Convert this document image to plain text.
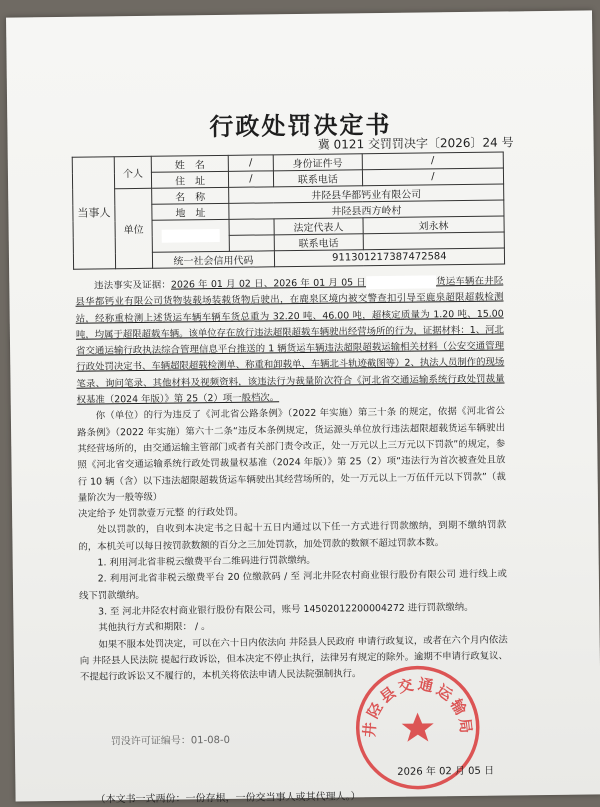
行政处罚决定书
冀 0121 交罚罚决字〔2026〕24 号
当事人	个人	姓　名	/	身份证件号	/
		住　址	/	联系电话	/
	单位	名　称	井陉县华都钙业有限公司		
		地　址	井陉县西方岭村		
				法定代表人	刘永林
				联系电话	
		统一社会信用代码		911301217387472584	

违法事实及证据：2026 年 01 月 02 日、2026 年 01 月 05 日	货运车辆在井陉县华都钙业有限公司货物装载场装载货物后驶出，在鹿泉区境内被交警查扣引导至鹿泉超限超载检测站，经称重检测上述货运车辆车辆车货总重为 32.20 吨、46.00 吨，超核定质量为 1.20 吨、15.00 吨，均属于超限超载车辆。该单位存在放行违法超限超载车辆驶出经营场所的行为，证据材料：1、河北省交通运输行政执法综合管理信息平台推送的 1 辆货运车辆违法超限超载运输相关材料（公安交通管理行政处罚决定书、车辆超限超载检测单、称重和卸载单、车辆北斗轨迹截图等）2、执法人员制作的现场笔录、询问笔录、其他材料及视频资料，该违法行为裁量阶次符合《河北省交通运输系统行政处罚裁量权基准（2024 年版）》第 25（2）项一般档次。

你（单位）的行为违反了《河北省公路条例》（2022 年实施）第三十条 的规定，依据《河北省公路条例》（2022 年实施）第六十二条“违反本条例规定，货运源头单位放行违法超限超载货运车辆驶出其经营场所的，由交通运输主管部门或者有关部门责令改正，处一万元以上三万元以下罚款”的规定，参照《河北省交通运输系统行政处罚裁量权基准（2024 年版）》第 25（2）项“违法行为首次被查处且放行 10 辆（含）以下违法超限超载货运车辆驶出其经营场所的，处一万元以上一万伍仟元以下罚款”（裁量阶次为一般等级）

决定给予 处罚款壹万元整 的行政处罚。

处以罚款的，自收到本决定书之日起十五日内通过以下任一方式进行罚款缴纳，到期不缴纳罚款的，本机关可以每日按罚款数额的百分之三加处罚款，加处罚款的数额不超过罚款本数。

1. 利用河北省非税云缴费平台二维码进行罚款缴纳。

2. 利用河北省非税云缴费平台 20 位缴款码 / 至 河北井陉农村商业银行股份有限公司 进行线上或线下罚款缴纳。

3. 至 河北井陉农村商业银行股份有限公司，账号 14502012200004272 进行罚款缴纳。

其他执行方式和期限： / 。

如果不服本处罚决定，可以在六十日内依法向 井陉县人民政府 申请行政复议，或者在六个月内依法向 井陉县人民法院 提起行政诉讼，但本决定不停止执行，法律另有规定的除外。逾期不申请行政复议、不提起行政诉讼又不履行的，本机关将依法申请人民法院强制执行。

罚没许可证编号：01-08-0
井陉县交通运输局
2026 年 02 月 05 日
（本文书一式两份：一份存根，一份交当事人或其代理人。）
